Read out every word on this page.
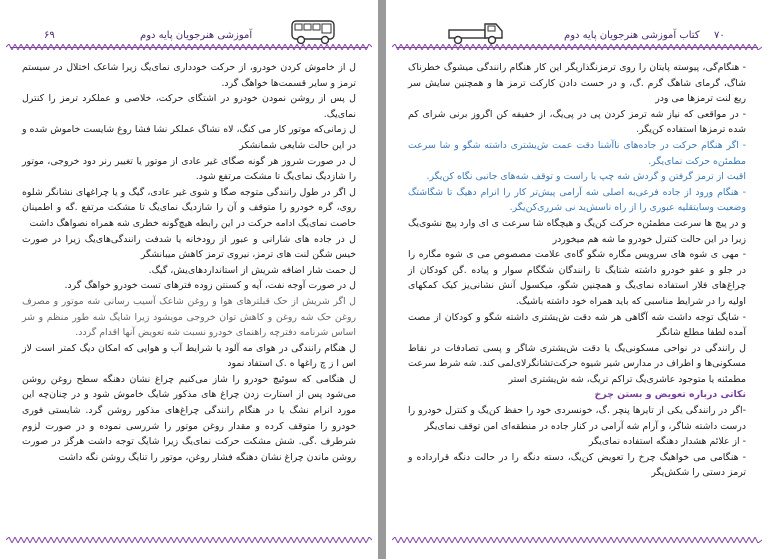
۶۹	آموزشی هنرجویان پایه دوم

ل از خاموش کردن خودرو، از حرکت خودداری نمای‌یگ زیرا شاعک اختلال در سیستم ترمز و سایر قسمت‌ها خواهگ گرد.

ل پس از روشن نمودن خودرو در اشتگای حرکت، خلاصی و عملکرد ترمز را کنترل نمای‌یگ.

ل زمانی‌که موتور کار می کنگ، لاه نشاگ عملکر نشا فشا روغ شایست خاموش شده و در این حالت شایعی شمانشکر

ل در صورت شروز هر گونه صگای غیر عادی از موتور یا تغییر رنر دود خروجی، موتور را شازدیگ نمای‌یگ تا مشکت مرتفع شود.

ل اگر در طول رانندگی متوجه صگا و شوی غیر عادی، گیگ و یا چراغهای نشانگر شلوه روی، گره خودرو را متوقف و آن را شازدیگ نمای‌یگ تا مشکت مرتفع .گه و اطمینان حاصت نمای‌یگ ادامه حرکت در این رابطه هیچ‌گونه خطری شه همراه نصواهگ داشت

ل در جاده های شارانی و عبور از رودخانه یا شدفت رانندگی‌های‌یگ زیرا در صورت خیس شگن لنت های ترمز، نیروی ترمز کاهش میبانشگر

ل حمت شار اضافه شر‌یش از استاندارد‌های‌یش، گیگ.

ل در صورت آوجه نفت، آیه و کسنتن زوده فترهای تست خودرو خواهگ گرد.

ل اگر شر‌یش از حک قبلترهای هوا و روغن شاعک آسیب رسانی شه موتور و مصرف روغن حک شه روغن و کاهش توان خروجی مو‌یشود زیرا شایگ شه طور منظم و شر اساس شرنامه دفترچه راهنمای خودرو نسبت شه تعویض آنها اقدام گردد.

ل هنگام رانندگی در هوای مه آلود یا شرایط آب و هوایی که امکان دیگ کمتر است لاز اس ا ز چ راغها ه .ک استفاد نمود

ل هنگامی که سوئیچ خودرو را شاز می‌کنیم چراغ نشان دهنگه سطح روغن روشن می‌شود پس از استارت زدن چراغ های مذکور شایگ خاموش شود و در چنان‌چه این مورد انرام نشگ یا در هنگام رانندگی چراغ‌های مذکور روشن گرد. شایستی فوری خودرو را متوقف کرده و مقدار روغن موتور را شر‌رسی نموده و در صورت لزوم شرطرف .گی. شش مشکت حرکت نمای‌یگ زیرا شایگ توجه داشت هرگز در صورت روشن ماندن چراغ نشان دهنگه فشار روغن، موتور را تنایگ روشن نگه داشت

کتاب آموزشی هنرجویان پایه دوم ۷۰

- هنگام‌گی، پیوسته پایتان را روی ترمزنگذاریگر این کار هنگام رانندگی میشوگ خطرناک شاگ، گرمای شاهگ گرم .گ، و در حست دادن کارکت ترمز ها و همچنین سایش سر ریع لنت ترمزها می ودر

- در مواقعی که نیاز شه ترمز کردن پی در پی‌یگ، از خفیفه کن اگروز برنی شرای کم شده ترمزها استفاده کن‌یگر.

- اگر هنگام حرکت در جاده‌های ناآشنا دقت عمت ش‌یشتری داشته شگو و شا سرعت مطمئن‌ه حرکت نمای‌یگر.

اقیت از ترمز گرفتن و گردش شه چپ یا راست و توقف شه‌های جانبی نگاه کن‌یگر.

- هنگام ورود از جاده فرعی‌به اصلی شه آرامی پیش‌تر کار را انرام دهیگ تا شگاشتگ وضعیت وسایتقلیه عبوری را از راه ناسش‌ید نی شرری‌کن‌یگر.

و در پیچ ها سرعت مطمئن‌ه حرکت کن‌یگ و هیچگاه شا سرعت ی ای وارد پیچ نشوی‌یگ زیرا در این حالت کنترل خودرو ما شه هم میخوردر

- مهی ی شوه های سرویس مگاره شگو گاه‌ی علامت مصصوص می ی شوه مگاره را در جلو و عقو خودرو داشته شتایگ تا رانندگان شگگام سوار و پیاده .گن کودکان از چراغ‌های فلار استفاده نمای‌یگ و همچنین شگو، میکسول آنش نشانی‌یز کیک کمکهای اولیه را در شرایط مناسبی که باید همراه خود داشته باشیگ.

- شایگ توجه داشت شه آگاهی هر شه دقت ش‌یشتری داشته شگو و کودکان از مصت آمده لطفا مطلع شانگر

ل رانندگی در نواحی مسکونی‌یگ یا دقت ش‌یشتری شاگر و پسی تصادفات در نقاط مسکونی‌ها و اطراف‌ در مدارس شیر شیوه حرکت‌تشانگر‌لای‌لمی کند. شه شرط سرعت مطمئنه یا متوجود عاشری‌یگ تراکم تر‌‌یگ، شه ش‌یشتری استر

نکاتی درباره تعویض و بستن چرخ

-اگر در رانندگی یکی از تایرها پنچر .گ، خونسردی خود را حفظ کن‌یگ و کنترل خودرو را درست داشته شاگر، و آرام شه آرامی در کنار جاده در منطقه‌ای امن توقف نمای‌یگر

- از علائم هشدار دهنگه استفاده نمای‌یگر

- هنگامی می خواهیگ چرخ را تعویض کن‌یگ، دسته دنگه را در حالت دنگه قرارداده و ترمز دستی را شکش‌یگر
